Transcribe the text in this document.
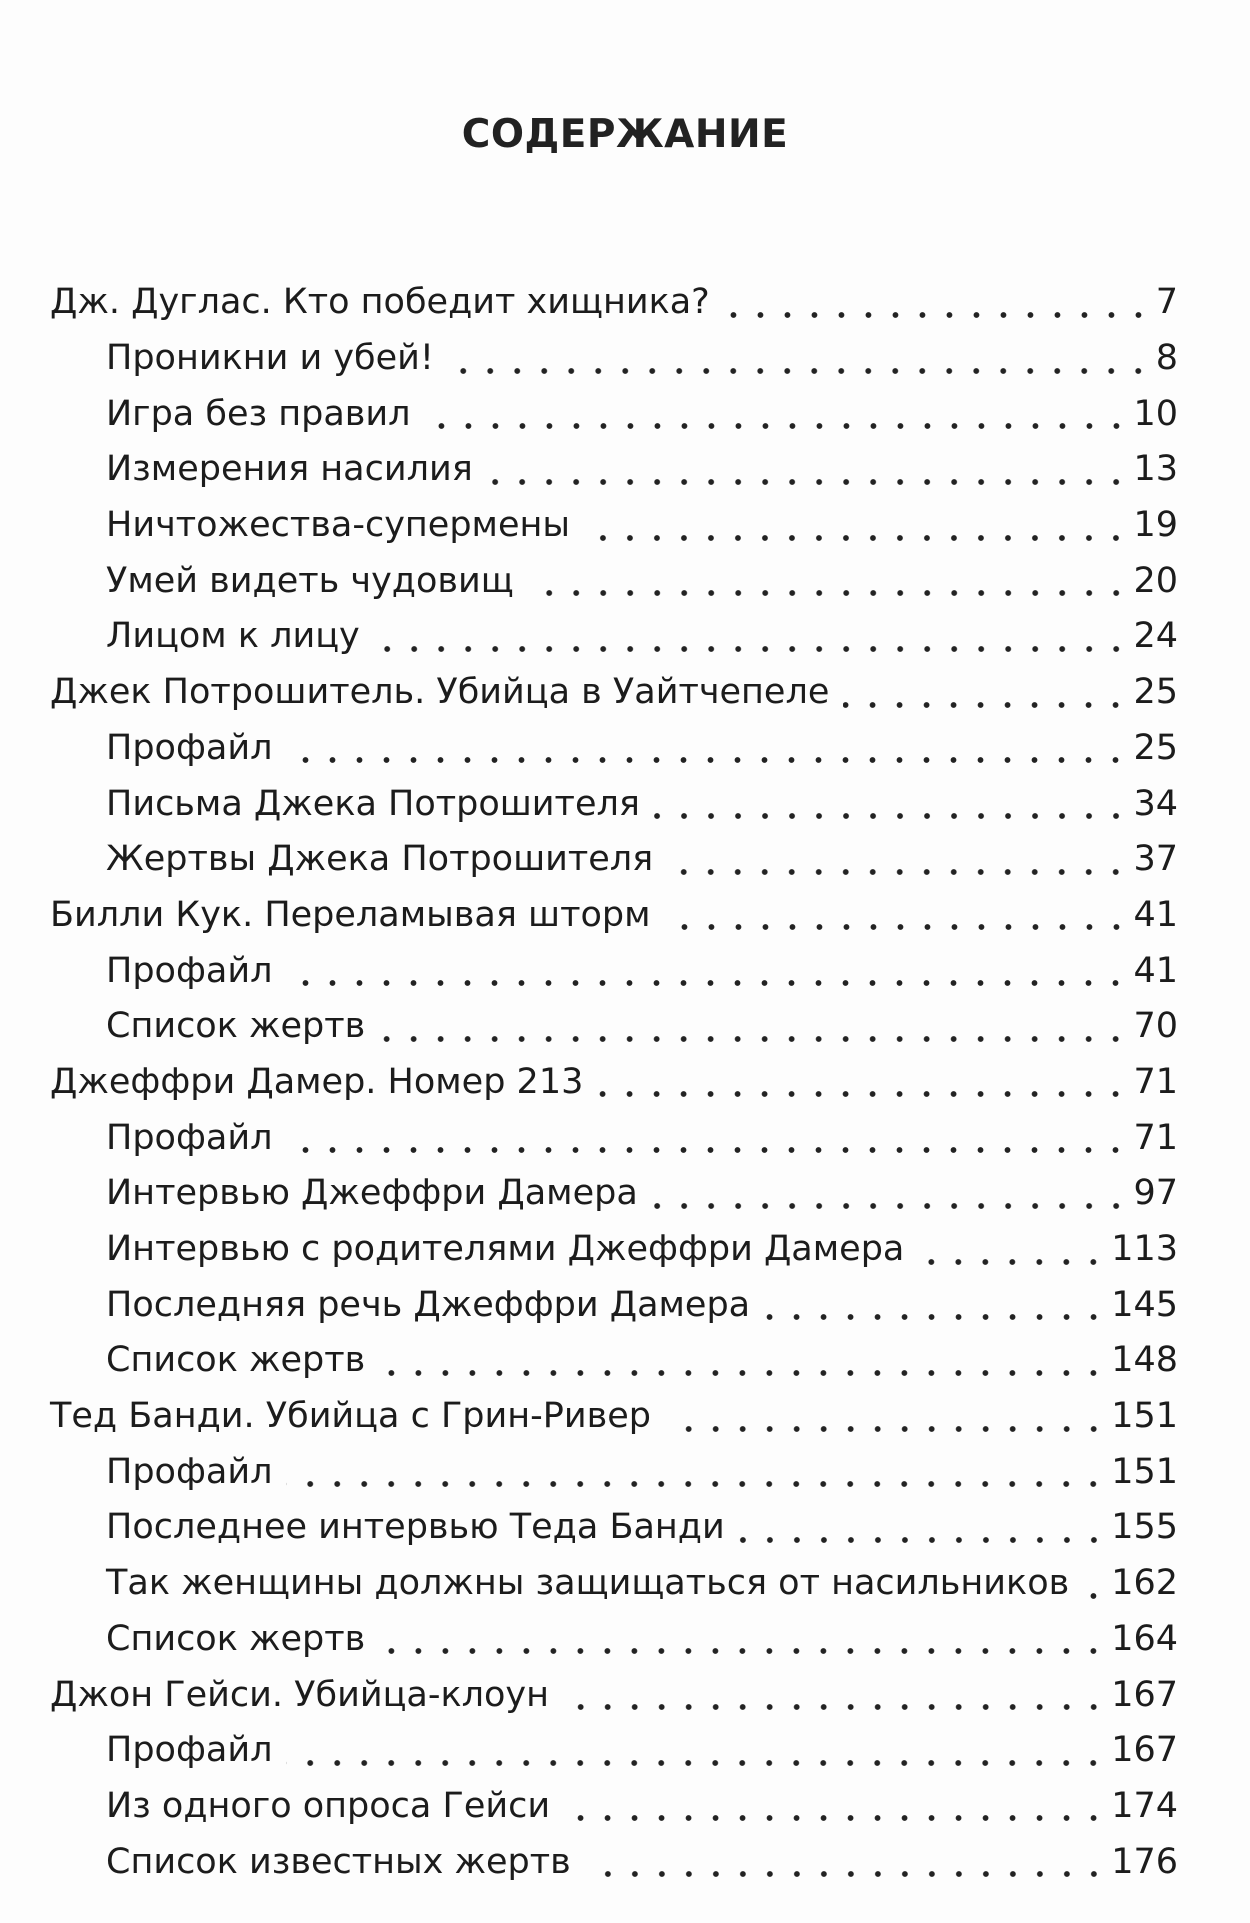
СОДЕРЖАНИЕ
Дж. Дуглас. Кто победит хищника?	7
Проникни и убей!	8
Игра без правил	10
Измерения насилия	13
Ничтожества-супермены	19
Умей видеть чудовищ	20
Лицом к лицу	24
Джек Потрошитель. Убийца в Уайтчепеле	25
Профайл	25
Письма Джека Потрошителя	34
Жертвы Джека Потрошителя	37
Билли Кук. Переламывая шторм	41
Профайл	41
Список жертв	70
Джеффри Дамер. Номер 213	71
Профайл	71
Интервью Джеффри Дамера	97
Интервью с родителями Джеффри Дамера	113
Последняя речь Джеффри Дамера	145
Список жертв	148
Тед Банди. Убийца с Грин-Ривер	151
Профайл	151
Последнее интервью Теда Банди	155
Так женщины должны защищаться от насильников	162
Список жертв	164
Джон Гейси. Убийца-клоун	167
Профайл	167
Из одного опроса Гейси	174
Список известных жертв	176
